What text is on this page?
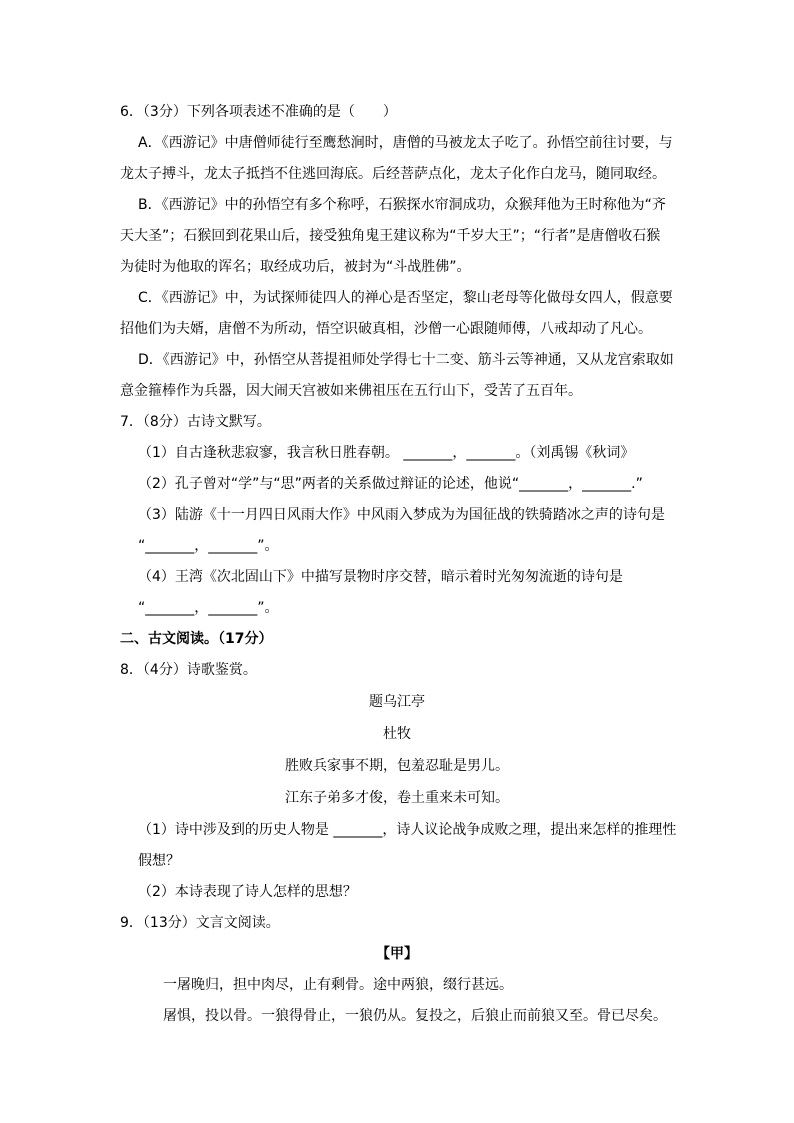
6．（3分）下列各项表述不准确的是（　　）
A．《西游记》中唐僧师徒行至鹰愁涧时，唐僧的马被龙太子吃了。孙悟空前往讨要，与
龙太子搏斗，龙太子抵挡不住逃回海底。后经菩萨点化，龙太子化作白龙马，随同取经。
B．《西游记》中的孙悟空有多个称呼，石猴探水帘洞成功，众猴拜他为王时称他为“齐
天大圣”；石猴回到花果山后，接受独角鬼王建议称为“千岁大王”；“行者”是唐僧收石猴
为徒时为他取的诨名；取经成功后，被封为“斗战胜佛”。
C．《西游记》中，为试探师徒四人的禅心是否坚定，黎山老母等化做母女四人，假意要
招他们为夫婿，唐僧不为所动，悟空识破真相，沙僧一心跟随师傅，八戒却动了凡心。
D．《西游记》中，孙悟空从菩提祖师处学得七十二变、筋斗云等神通，又从龙宫索取如
意金箍棒作为兵器，因大闹天宫被如来佛祖压在五行山下，受苦了五百年。
7．（8分）古诗文默写。
（1）自古逢秋悲寂寥，我言秋日胜春朝。 _______，_______。（刘禹锡《秋词》
（2）孔子曾对“学”与“思”两者的关系做过辩证的论述，他说“_______，_______.”
（3）陆游《十一月四日风雨大作》中风雨入梦成为为国征战的铁骑踏冰之声的诗句是
“_______，_______”。
（4）王湾《次北固山下》中描写景物时序交替，暗示着时光匆匆流逝的诗句是
“_______，_______”。
二、古文阅读。（17分）
8．（4分）诗歌鉴赏。
题乌江亭
杜牧
胜败兵家事不期，包羞忍耻是男儿。
江东子弟多才俊，卷土重来未可知。
（1）诗中涉及到的历史人物是 _______，诗人议论战争成败之理，提出来怎样的推理性
假想？
（2）本诗表现了诗人怎样的思想？
9．（13分）文言文阅读。
【甲】
一屠晚归，担中肉尽，止有剩骨。途中两狼，缀行甚远。
屠惧，投以骨。一狼得骨止，一狼仍从。复投之，后狼止而前狼又至。骨已尽矣。
